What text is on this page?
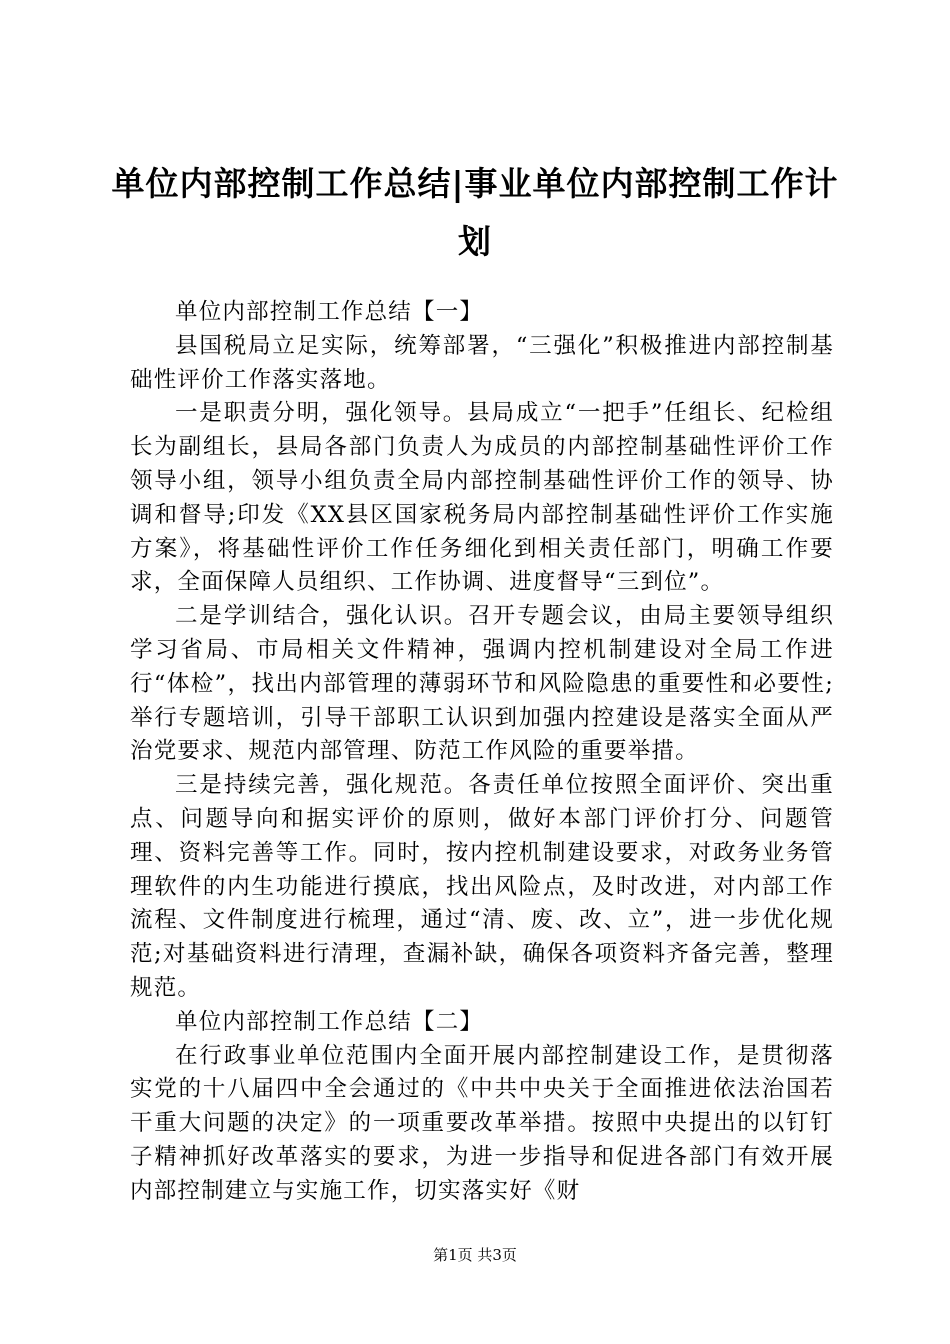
单位内部控制工作总结|事业单位内部控制工作计划

单位内部控制工作总结【一】

县国税局立足实际，统筹部署，“三强化”积极推进内部控制基础性评价工作落实落地。

一是职责分明，强化领导。县局成立“一把手”任组长、纪检组长为副组长，县局各部门负责人为成员的内部控制基础性评价工作领导小组，领导小组负责全局内部控制基础性评价工作的领导、协调和督导;印发《XX县区国家税务局内部控制基础性评价工作实施方案》，将基础性评价工作任务细化到相关责任部门，明确工作要求，全面保障人员组织、工作协调、进度督导“三到位”。

二是学训结合，强化认识。召开专题会议，由局主要领导组织学习省局、市局相关文件精神，强调内控机制建设对全局工作进行“体检”，找出内部管理的薄弱环节和风险隐患的重要性和必要性;举行专题培训，引导干部职工认识到加强内控建设是落实全面从严治党要求、规范内部管理、防范工作风险的重要举措。

三是持续完善，强化规范。各责任单位按照全面评价、突出重点、问题导向和据实评价的原则，做好本部门评价打分、问题管理、资料完善等工作。同时，按内控机制建设要求，对政务业务管理软件的内生功能进行摸底，找出风险点，及时改进，对内部工作流程、文件制度进行梳理，通过“清、废、改、立”，进一步优化规范;对基础资料进行清理，查漏补缺，确保各项资料齐备完善，整理规范。

单位内部控制工作总结【二】

在行政事业单位范围内全面开展内部控制建设工作，是贯彻落实党的十八届四中全会通过的《中共中央关于全面推进依法治国若干重大问题的决定》的一项重要改革举措。按照中央提出的以钉钉子精神抓好改革落实的要求，为进一步指导和促进各部门有效开展内部控制建立与实施工作，切实落实好《财

第1页 共3页
